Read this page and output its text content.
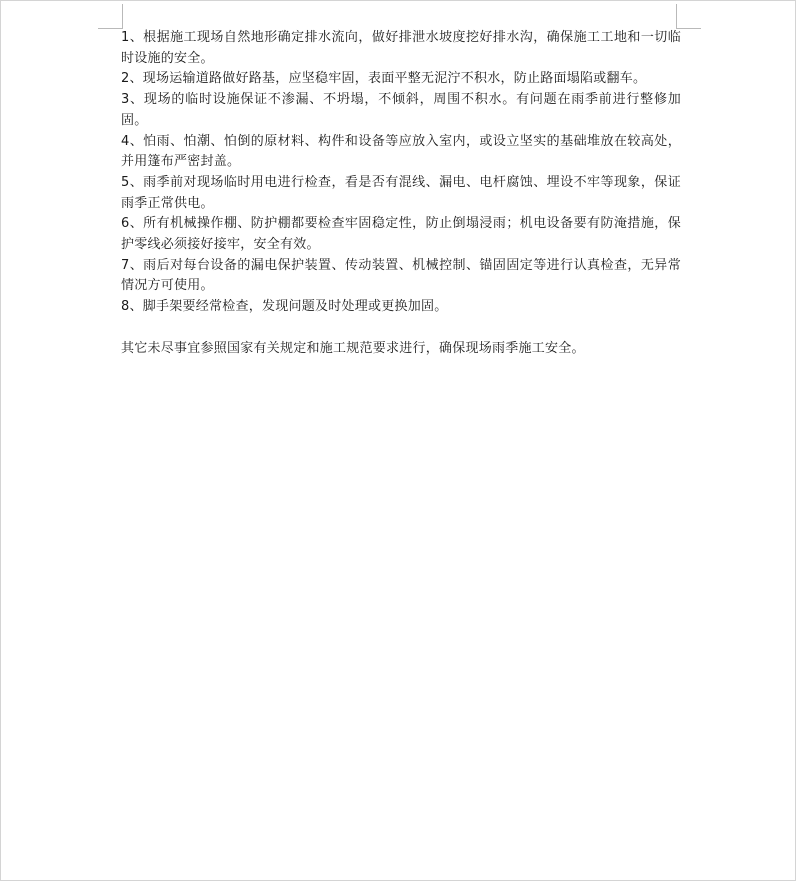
1、根据施工现场自然地形确定排水流向，做好排泄水坡度挖好排水沟，确保施工工地和一切临时设施的安全。

2、现场运输道路做好路基，应坚稳牢固，表面平整无泥泞不积水，防止路面塌陷或翻车。

3、现场的临时设施保证不渗漏、不坍塌，不倾斜，周围不积水。有问题在雨季前进行整修加固。

4、怕雨、怕潮、怕倒的原材料、构件和设备等应放入室内，或设立坚实的基础堆放在较高处，并用篷布严密封盖。

5、雨季前对现场临时用电进行检查，看是否有混线、漏电、电杆腐蚀、埋设不牢等现象，保证雨季正常供电。

6、所有机械操作棚、防护棚都要检查牢固稳定性，防止倒塌浸雨；机电设备要有防淹措施，保护零线必须接好接牢，安全有效。

7、雨后对每台设备的漏电保护装置、传动装置、机械控制、锚固固定等进行认真检查，无异常情况方可使用。

8、脚手架要经常检查，发现问题及时处理或更换加固。

其它未尽事宜参照国家有关规定和施工规范要求进行，确保现场雨季施工安全。
